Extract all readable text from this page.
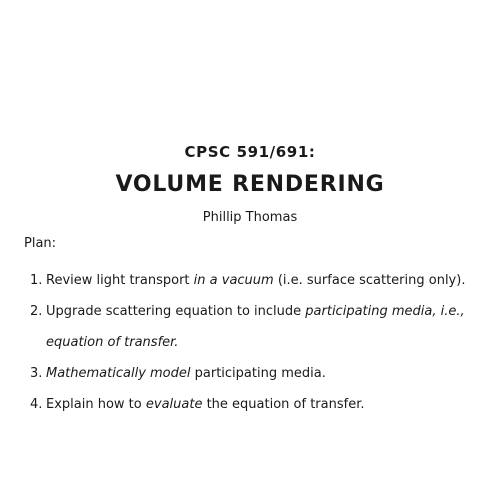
CPSC 591/691:
VOLUME RENDERING
Phillip Thomas
Plan:
1. Review light transport in a vacuum (i.e. surface scattering only).
2. Upgrade scattering equation to include participating media, i.e.,
equation of transfer.
3. Mathematically model participating media.
4. Explain how to evaluate the equation of transfer.
